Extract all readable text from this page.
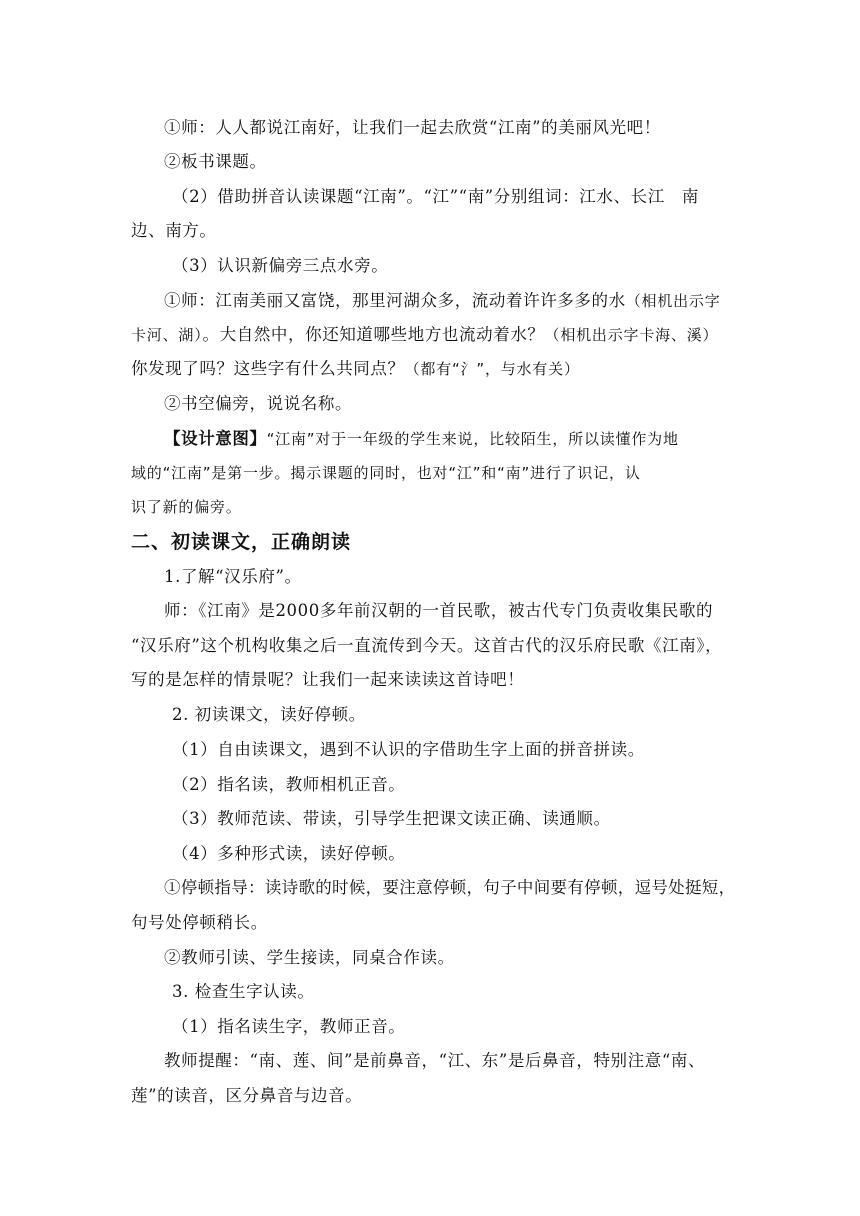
①师：人人都说江南好，让我们一起去欣赏“江南”的美丽风光吧！
②板书课题。
（2）借助拼音认读课题“江南”。“江”“南”分别组词：江水、长江　南
边、南方。
（3）认识新偏旁三点水旁。
①师：江南美丽又富饶，那里河湖众多，流动着许许多多的水（相机出示字
卡河、湖）。大自然中，你还知道哪些地方也流动着水？（相机出示字卡海、溪）
你发现了吗？这些字有什么共同点？（都有“氵”，与水有关）
②书空偏旁，说说名称。
【设计意图】“江南”对于一年级的学生来说，比较陌生，所以读懂作为地
域的“江南”是第一步。揭示课题的同时，也对“江”和“南”进行了识记，认
识了新的偏旁。
二、初读课文，正确朗读
1.了解“汉乐府”。
师：《江南》是2000多年前汉朝的一首民歌，被古代专门负责收集民歌的
“汉乐府”这个机构收集之后一直流传到今天。这首古代的汉乐府民歌《江南》，
写的是怎样的情景呢？让我们一起来读读这首诗吧！
2. 初读课文，读好停顿。
（1）自由读课文，遇到不认识的字借助生字上面的拼音拼读。
（2）指名读，教师相机正音。
（3）教师范读、带读，引导学生把课文读正确、读通顺。
（4）多种形式读，读好停顿。
①停顿指导：读诗歌的时候，要注意停顿，句子中间要有停顿，逗号处挺短，
句号处停顿稍长。
②教师引读、学生接读，同桌合作读。
3. 检查生字认读。
（1）指名读生字，教师正音。
教师提醒：“南、莲、间”是前鼻音，“江、东”是后鼻音，特别注意“南、
莲”的读音，区分鼻音与边音。
